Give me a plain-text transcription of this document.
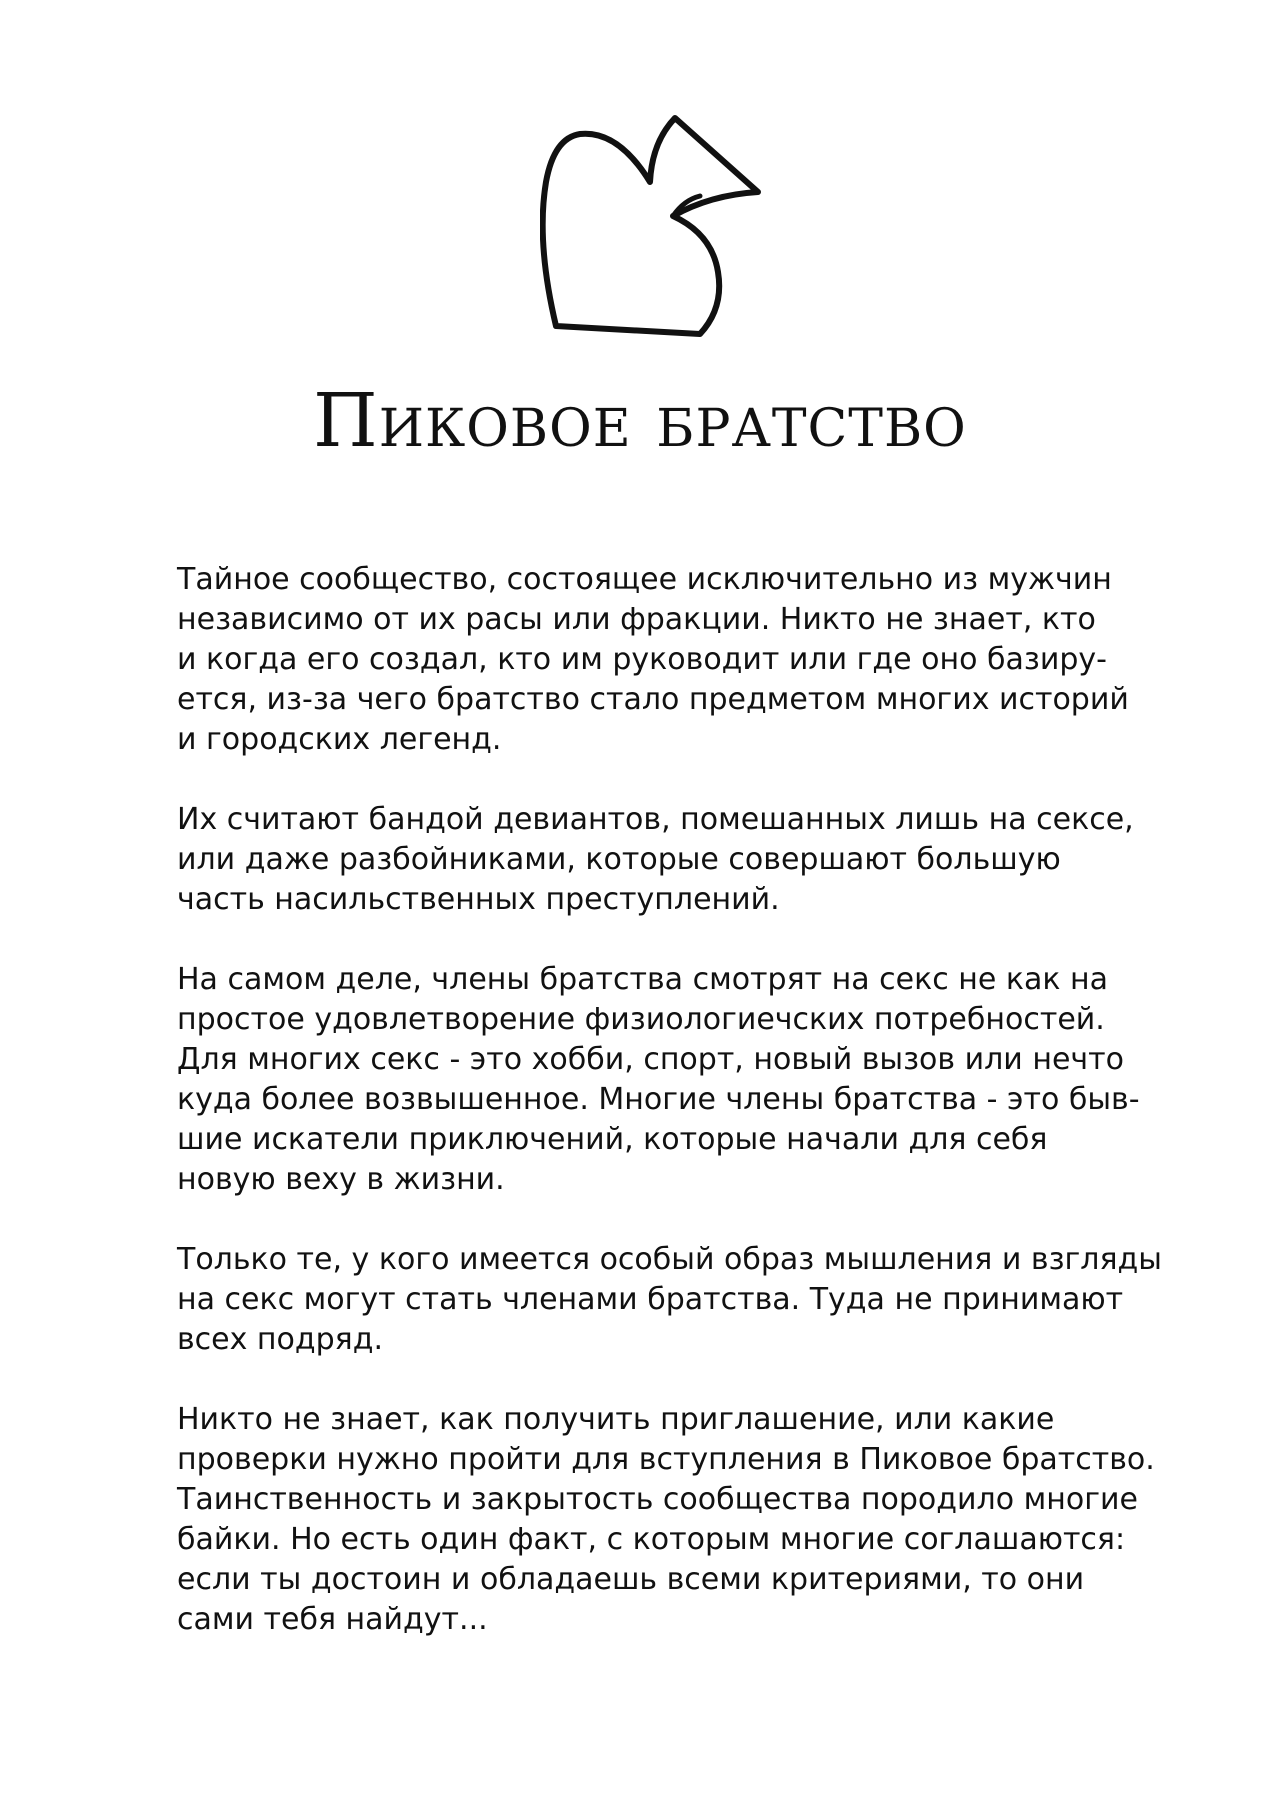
Пиковое братство

Тайное сообщество, состоящее исключительно из мужчин
независимо от их расы или фракции. Никто не знает, кто
и когда его создал, кто им руководит или где оно базиру-
ется, из-за чего братство стало предметом многих историй
и городских легенд.

Их считают бандой девиантов, помешанных лишь на сексе,
или даже разбойниками, которые совершают большую
часть насильственных преступлений.

На самом деле, члены братства смотрят на секс не как на
простое удовлетворение физиологиечских потребностей.
Для многих секс - это хобби, спорт, новый вызов или нечто
куда более возвышенное. Многие члены братства - это быв-
шие искатели приключений, которые начали для себя
новую веху в жизни.

Только те, у кого имеется особый образ мышления и взгляды
на секс могут стать членами братства. Туда не принимают
всех подряд.

Никто не знает, как получить приглашение, или какие
проверки нужно пройти для вступления в Пиковое братство.
Таинственность и закрытость сообщества породило многие
байки. Но есть один факт, с которым многие соглашаются:
если ты достоин и обладаешь всеми критериями, то они
сами тебя найдут...
